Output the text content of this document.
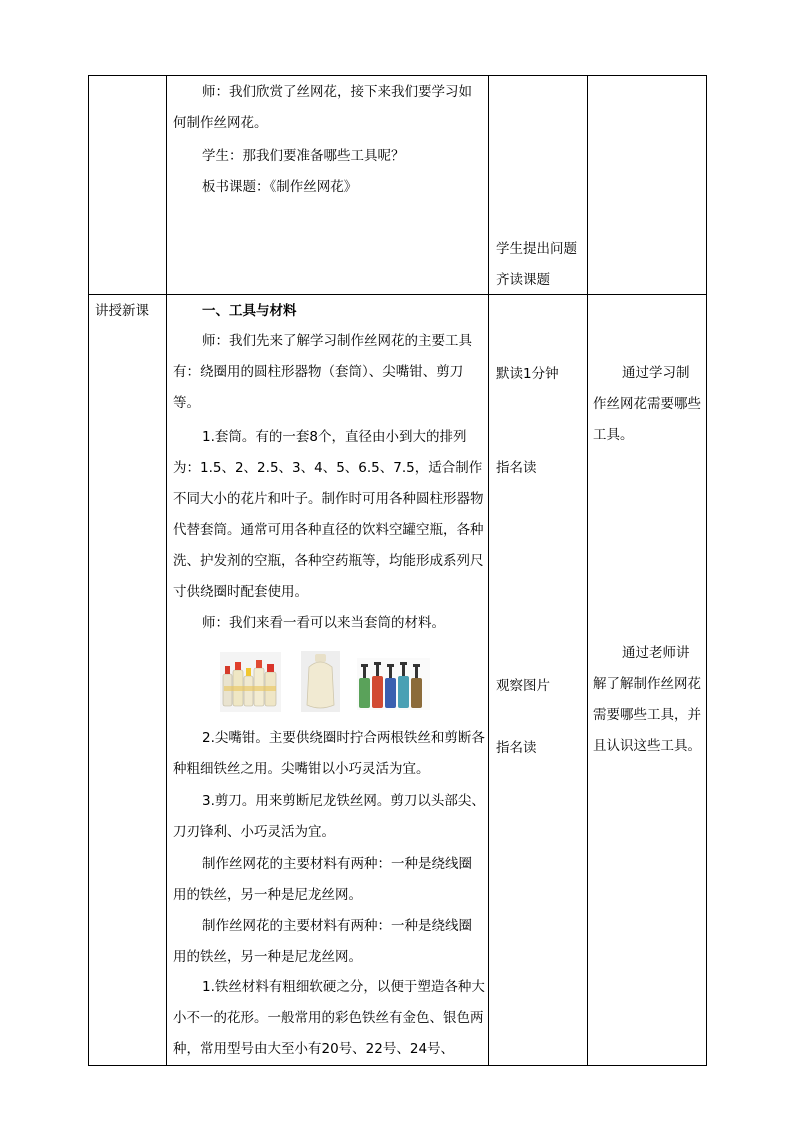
师：我们欣赏了丝网花，接下来我们要学习如何制作丝网花。
学生：那我们要准备哪些工具呢？
板书课题：《制作丝网花》
学生提出问题
齐读课题
讲授新课	一、工具与材料
师：我们先来了解学习制作丝网花的主要工具有：绕圈用的圆柱形器物（套筒）、尖嘴钳、剪刀等。
1.套筒。有的一套8个，直径由小到大的排列为：1.5、2、2.5、3、4、5、6.5、7.5，适合制作不同大小的花片和叶子。制作时可用各种圆柱形器物代替套筒。通常可用各种直径的饮料空罐空瓶，各种洗、护发剂的空瓶，各种空药瓶等，均能形成系列尺寸供绕圈时配套使用。
师：我们来看一看可以来当套筒的材料。
2.尖嘴钳。主要供绕圈时拧合两根铁丝和剪断各种粗细铁丝之用。尖嘴钳以小巧灵活为宜。
3.剪刀。用来剪断尼龙铁丝网。剪刀以头部尖、刀刃锋利、小巧灵活为宜。
制作丝网花的主要材料有两种：一种是绕线圈用的铁丝，另一种是尼龙丝网。
制作丝网花的主要材料有两种：一种是绕线圈用的铁丝，另一种是尼龙丝网。
1.铁丝材料有粗细软硬之分，以便于塑造各种大小不一的花形。一般常用的彩色铁丝有金色、银色两种，常用型号由大至小有20号、22号、24号、
默读1分钟
指名读
观察图片
指名读
通过学习制作丝网花需要哪些工具。
通过老师讲解了解制作丝网花需要哪些工具，并且认识这些工具。
